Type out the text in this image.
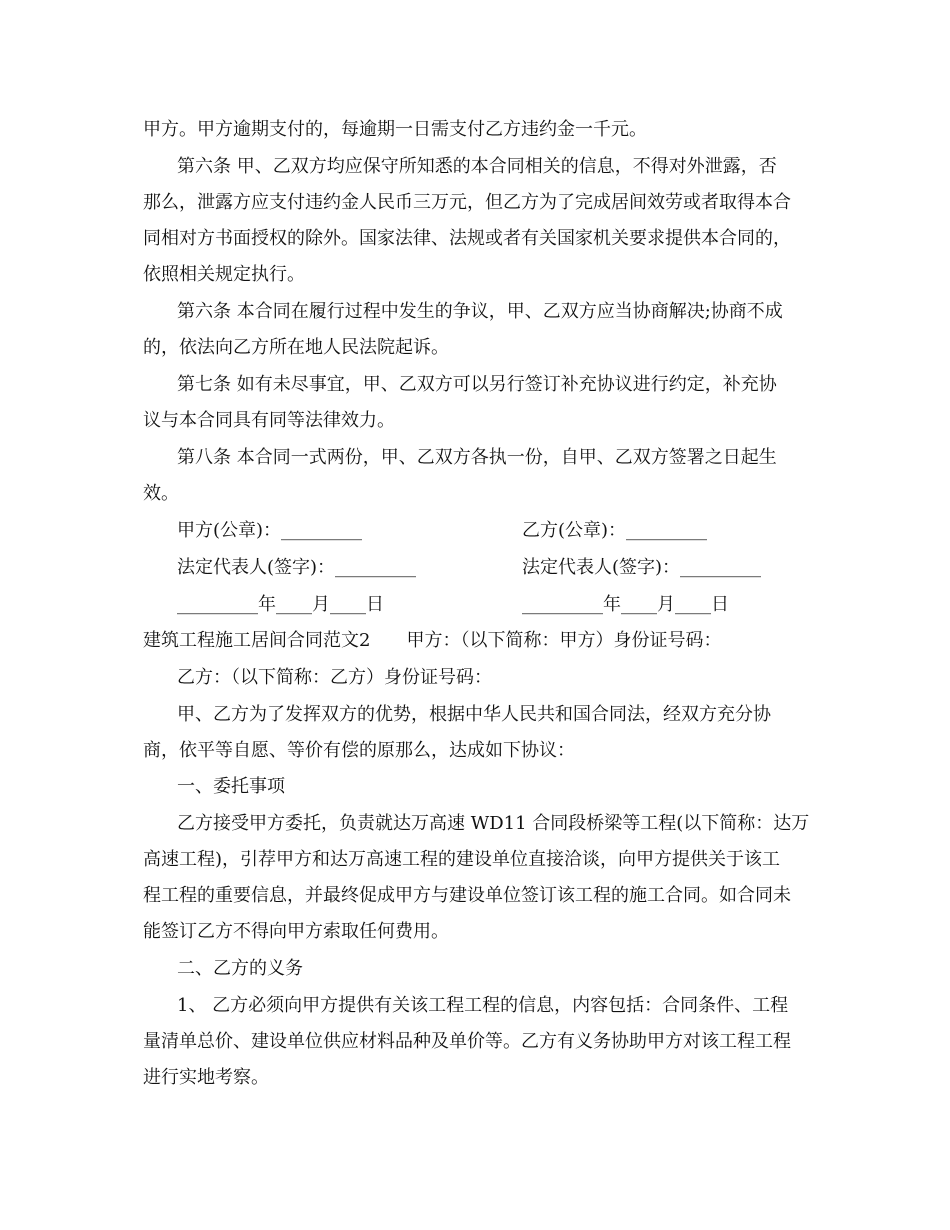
甲方。甲方逾期支付的，每逾期一日需支付乙方违约金一千元。
第六条 甲、乙双方均应保守所知悉的本合同相关的信息，不得对外泄露，否
那么，泄露方应支付违约金人民币三万元，但乙方为了完成居间效劳或者取得本合
同相对方书面授权的除外。国家法律、法规或者有关国家机关要求提供本合同的，
依照相关规定执行。
第六条 本合同在履行过程中发生的争议，甲、乙双方应当协商解决;协商不成
的，依法向乙方所在地人民法院起诉。
第七条 如有未尽事宜，甲、乙双方可以另行签订补充协议进行约定，补充协
议与本合同具有同等法律效力。
第八条 本合同一式两份，甲、乙双方各执一份，自甲、乙双方签署之日起生
效。
甲方(公章)：_________	乙方(公章)：_________
法定代表人(签字)：_________	法定代表人(签字)：_________
_________年____月____日	_________年____月____日
建筑工程施工居间合同范文2　　甲方：（以下简称：甲方）身份证号码：
乙方：（以下简称：乙方）身份证号码：
甲、乙方为了发挥双方的优势，根据中华人民共和国合同法，经双方充分协
商，依平等自愿、等价有偿的原那么，达成如下协议：
一、委托事项
乙方接受甲方委托，负责就达万高速 WD11 合同段桥梁等工程(以下简称：达万
高速工程)，引荐甲方和达万高速工程的建设单位直接洽谈，向甲方提供关于该工
程工程的重要信息，并最终促成甲方与建设单位签订该工程的施工合同。如合同未
能签订乙方不得向甲方索取任何费用。
二、乙方的义务
1、 乙方必须向甲方提供有关该工程工程的信息，内容包括：合同条件、工程
量清单总价、建设单位供应材料品种及单价等。乙方有义务协助甲方对该工程工程
进行实地考察。
